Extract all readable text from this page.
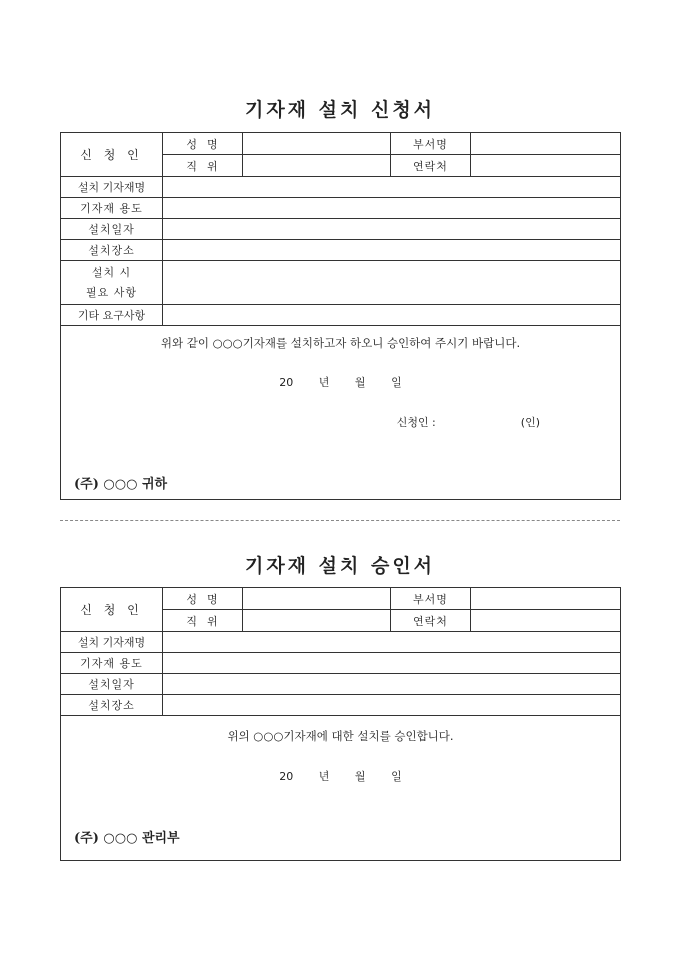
기자재 설치 신청서
신 청 인	성  명		부서명	
	직  위		연락처	
설치 기자재명				
기자재 용도				
설치일자				
설치장소				

설치 시
필요 사항				

기타 요구사항				

위와 같이 ○○○기자재를 설치하고자 하오니 승인하여 주시기 바랍니다.
20 년 월 일
신청인 : (인)
(주) ○○○ 귀하				
기자재 설치 승인서
신 청 인	성  명		부서명	
	직  위		연락처	
설치 기자재명				
기자재 용도				
설치일자				
설치장소				

위의 ○○○기자재에 대한 설치를 승인합니다.
20 년 월 일
(주) ○○○ 관리부				
